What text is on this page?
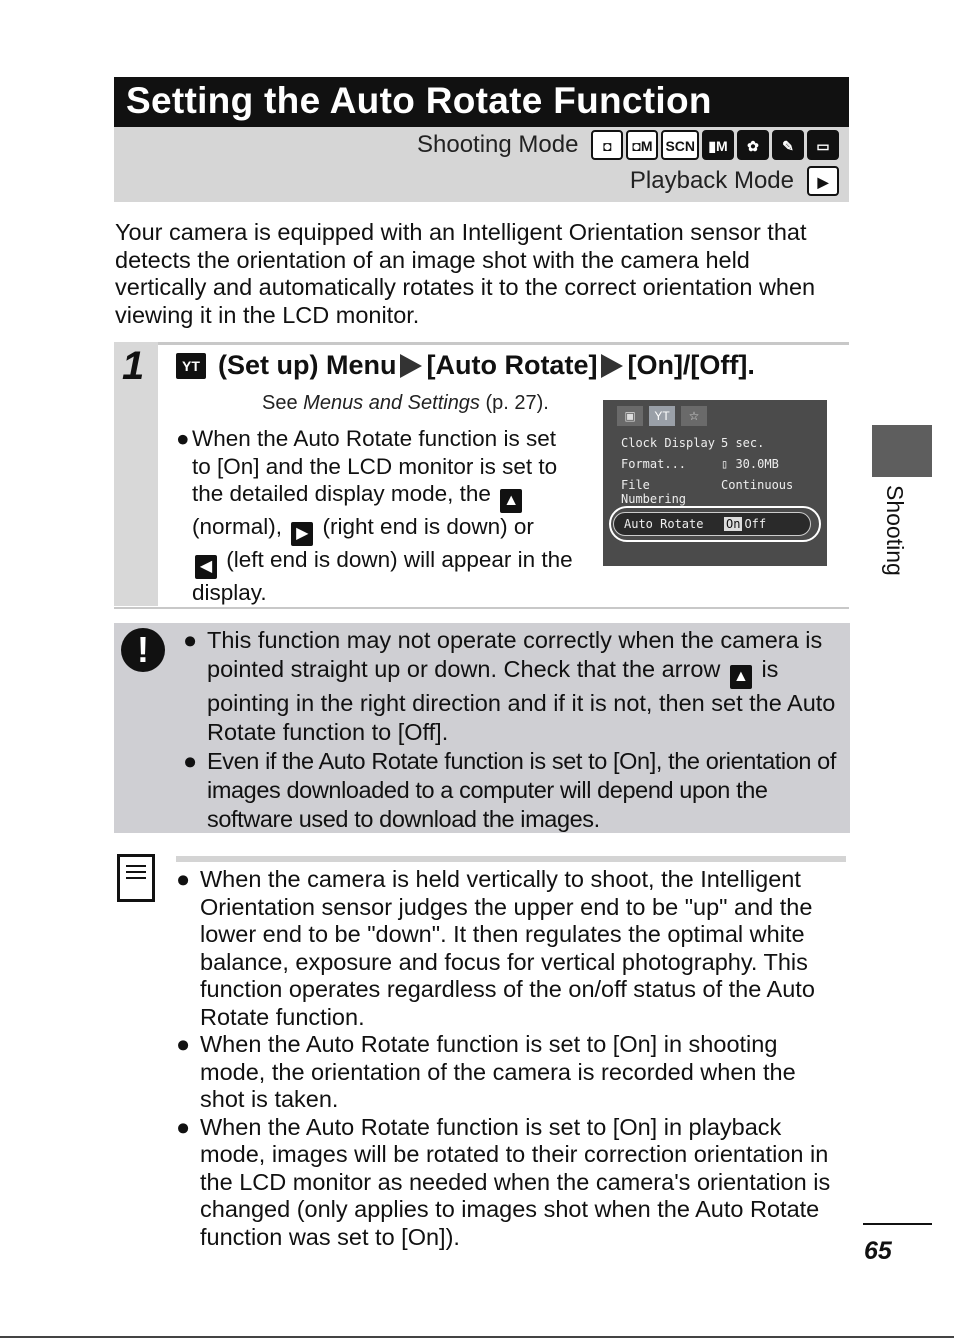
Setting the Auto Rotate Function
Shooting Mode	◘	◘M SCN ▮M	✿	✎	▭
Playback Mode	▶
Your camera is equipped with an Intelligent Orientation sensor that detects the orientation of an image shot with the camera held vertically and automatically rotates it to the correct orientation when viewing it in the LCD monitor.
1	YT (Set up) Menu [Auto Rotate] [On]/[Off].
See Menus and Settings (p. 27).
● When the Auto Rotate function is set to [On] and the LCD monitor is set to the detailed display mode, the ▲
(normal), ▶ (right end is down) or
◀ (left end is down) will appear in the display.
▣	YT	☆
Clock Display 5 sec.
Format...	▯ 30.0MB
File Numbering
Continuous
Auto Rotate	On Off
!	● This function may not operate correctly when the camera is pointed straight up or down. Check that the arrow ▲ is pointing in the right direction and if it is not, then set the Auto Rotate function to [Off].
● Even if the Auto Rotate function is set to [On], the orientation of images downloaded to a computer will depend upon the software used to download the images.
● When the camera is held vertically to shoot, the Intelligent Orientation sensor judges the upper end to be "up" and the lower end to be "down". It then regulates the optimal white balance, exposure and focus for vertical photography. This function operates regardless of the on/off status of the Auto Rotate function.
● When the Auto Rotate function is set to [On] in shooting mode, the orientation of the camera is recorded when the shot is taken.
● When the Auto Rotate function is set to [On] in playback mode, images will be rotated to their correction orientation in the LCD monitor as needed when the camera's orientation is changed (only applies to images shot when the Auto Rotate function was set to [On]).
Shooting
65
